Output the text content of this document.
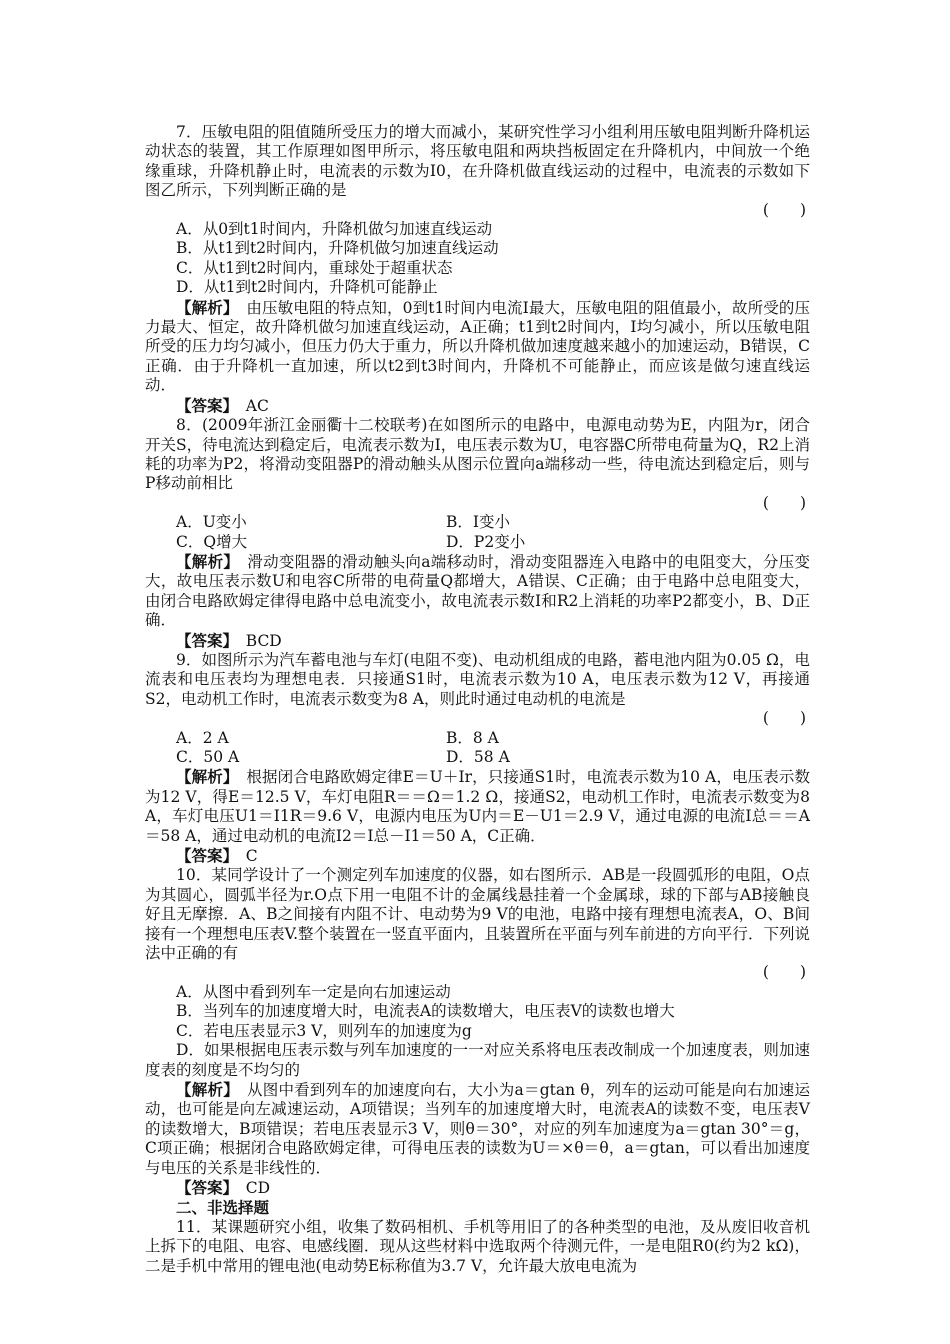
7．压敏电阻的阻值随所受压力的增大而减小，某研究性学习小组利用压敏电阻判断升降机运动状态的装置，其工作原理如图甲所示，将压敏电阻和两块挡板固定在升降机内，中间放一个绝缘重球，升降机静止时，电流表的示数为I0，在升降机做直线运动的过程中，电流表的示数如下图乙所示，下列判断正确的是

(　　)

A．从0到t1时间内，升降机做匀加速直线运动

B．从t1到t2时间内，升降机做匀加速直线运动

C．从t1到t2时间内，重球处于超重状态

D．从t1到t2时间内，升降机可能静止

【解析】　由压敏电阻的特点知，0到t1时间内电流I最大，压敏电阻的阻值最小，故所受的压力最大、恒定，故升降机做匀加速直线运动，A正确；t1到t2时间内，I均匀减小，所以压敏电阻所受的压力均匀减小，但压力仍大于重力，所以升降机做加速度越来越小的加速运动，B错误，C正确．由于升降机一直加速，所以t2到t3时间内，升降机不可能静止，而应该是做匀速直线运动．

【答案】　AC

8．(2009年浙江金丽衢十二校联考)在如图所示的电路中，电源电动势为E，内阻为r，闭合开关S，待电流达到稳定后，电流表示数为I，电压表示数为U，电容器C所带电荷量为Q，R2上消耗的功率为P2，将滑动变阻器P的滑动触头从图示位置向a端移动一些，待电流达到稳定后，则与P移动前相比

(　　)

A．U变小	B．I变小
C．Q增大	D．P2变小

【解析】　滑动变阻器的滑动触头向a端移动时，滑动变阻器连入电路中的电阻变大，分压变大，故电压表示数U和电容C所带的电荷量Q都增大，A错误、C正确；由于电路中总电阻变大，由闭合电路欧姆定律得电路中总电流变小，故电流表示数I和R2上消耗的功率P2都变小，B、D正确．

【答案】　BCD

9．如图所示为汽车蓄电池与车灯(电阻不变)、电动机组成的电路，蓄电池内阻为0.05 Ω，电流表和电压表均为理想电表．只接通S1时，电流表示数为10 A，电压表示数为12 V，再接通S2，电动机工作时，电流表示数变为8 A，则此时通过电动机的电流是

(　　)

A．2 A	B．8 A
C．50 A	D．58 A

【解析】　根据闭合电路欧姆定律E＝U＋Ir，只接通S1时，电流表示数为10 A，电压表示数为12 V，得E＝12.5 V，车灯电阻R＝＝Ω＝1.2 Ω，接通S2，电动机工作时，电流表示数变为8 A，车灯电压U1＝I1R＝9.6 V，电源内电压为U内＝E－U1＝2.9 V，通过电源的电流I总＝＝A＝58 A，通过电动机的电流I2＝I总－I1＝50 A，C正确．

【答案】　C

10．某同学设计了一个测定列车加速度的仪器，如右图所示．AB是一段圆弧形的电阻，O点为其圆心，圆弧半径为r.O点下用一电阻不计的金属线悬挂着一个金属球，球的下部与AB接触良好且无摩擦．A、B之间接有内阻不计、电动势为9 V的电池，电路中接有理想电流表A，O、B间接有一个理想电压表V.整个装置在一竖直平面内，且装置所在平面与列车前进的方向平行．下列说法中正确的有

(　　)

A．从图中看到列车一定是向右加速运动

B．当列车的加速度增大时，电流表A的读数增大，电压表V的读数也增大

C．若电压表显示3 V，则列车的加速度为g

D．如果根据电压表示数与列车加速度的一一对应关系将电压表改制成一个加速度表，则加速度表的刻度是不均匀的

【解析】　从图中看到列车的加速度向右，大小为a＝gtan θ，列车的运动可能是向右加速运动，也可能是向左减速运动，A项错误；当列车的加速度增大时，电流表A的读数不变，电压表V的读数增大，B项错误；若电压表显示3 V，则θ＝30°，对应的列车加速度为a＝gtan 30°＝g，C项正确；根据闭合电路欧姆定律，可得电压表的读数为U＝×θ＝θ，a＝gtan，可以看出加速度与电压的关系是非线性的．

【答案】　CD

二、非选择题

11．某课题研究小组，收集了数码相机、手机等用旧了的各种类型的电池，及从废旧收音机上拆下的电阻、电容、电感线圈．现从这些材料中选取两个待测元件，一是电阻R0(约为2 kΩ)，二是手机中常用的锂电池(电动势E标称值为3.7 V，允许最大放电电流为
